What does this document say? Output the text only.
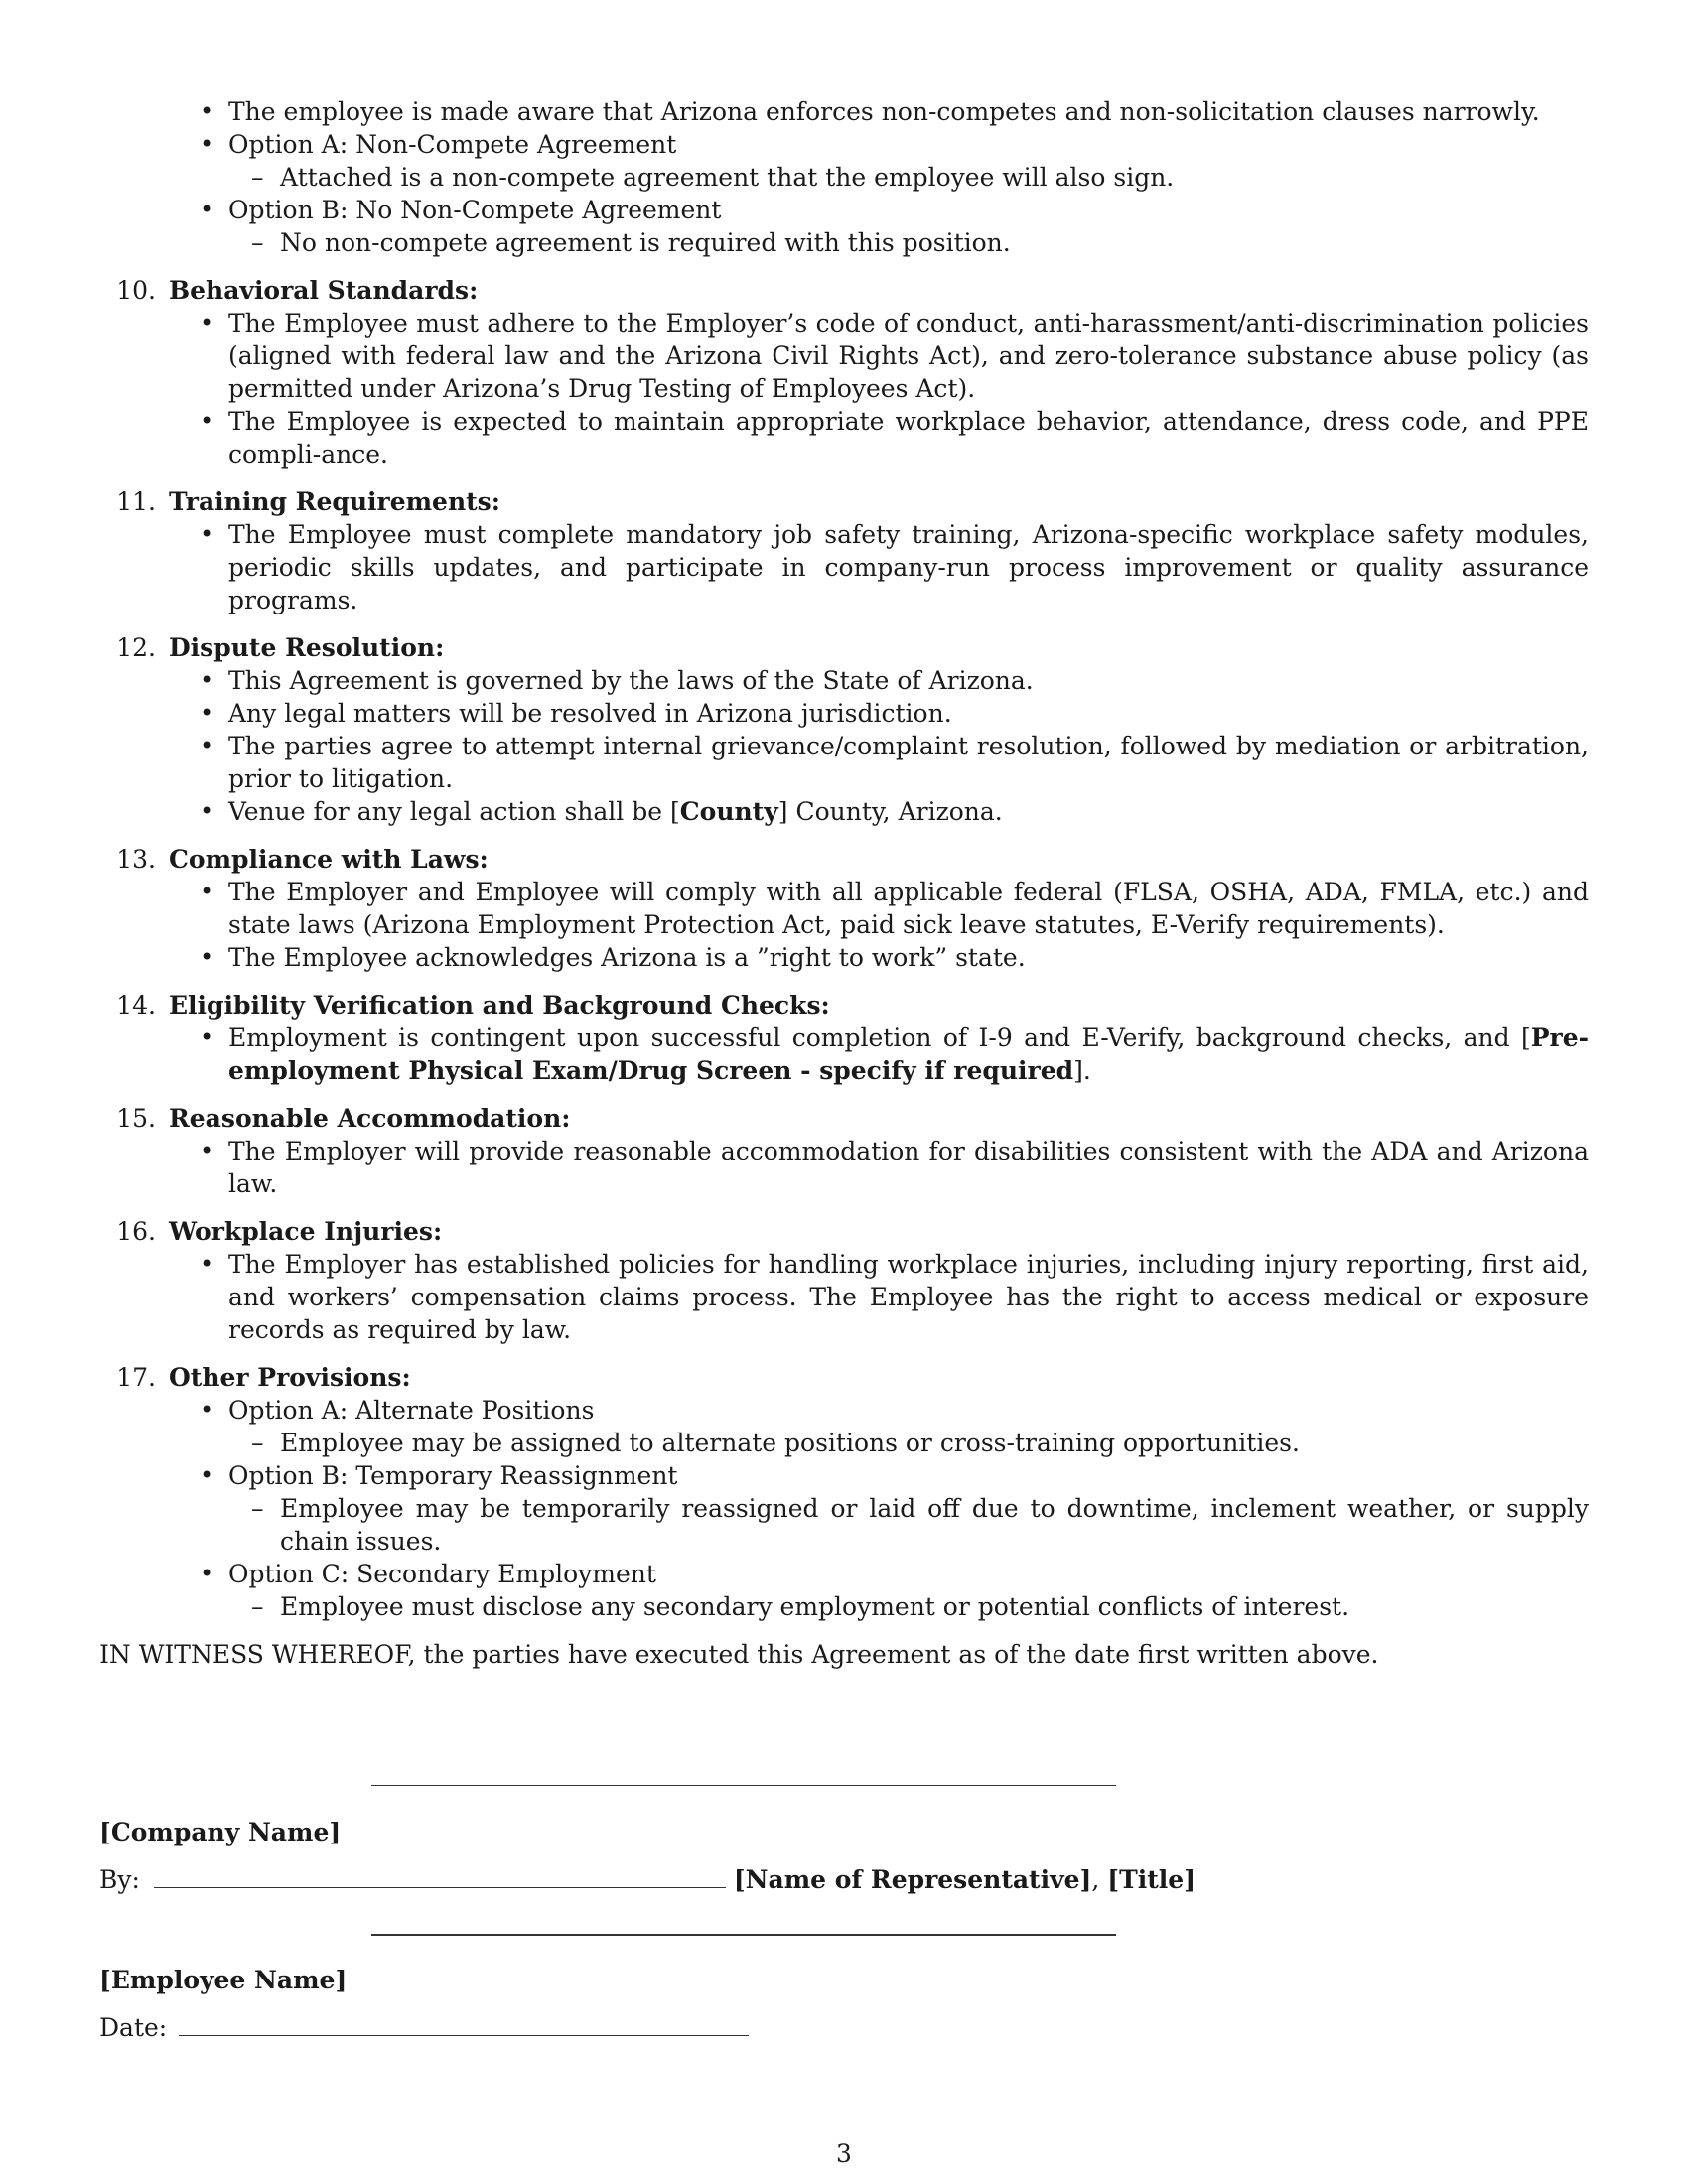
• The employee is made aware that Arizona enforces non-competes and non-solicitation clauses narrowly.
• Option A: Non-Compete Agreement
– Attached is a non-compete agreement that the employee will also sign.
• Option B: No Non-Compete Agreement
– No non-compete agreement is required with this position.
10. Behavioral Standards:
• The Employee must adhere to the Employer’s code of conduct, anti-harassment/anti-discrimination policies (aligned with federal law and the Arizona Civil Rights Act), and zero-tolerance substance abuse policy (as permitted under Arizona’s Drug Testing of Employees Act).
• The Employee is expected to maintain appropriate workplace behavior, attendance, dress code, and PPE compli-ance.
11. Training Requirements:
• The Employee must complete mandatory job safety training, Arizona-specific workplace safety modules, periodic skills updates, and participate in company-run process improvement or quality assurance programs.
12. Dispute Resolution:
• This Agreement is governed by the laws of the State of Arizona.
• Any legal matters will be resolved in Arizona jurisdiction.
• The parties agree to attempt internal grievance/complaint resolution, followed by mediation or arbitration, prior to litigation.
• Venue for any legal action shall be [County] County, Arizona.
13. Compliance with Laws:
• The Employer and Employee will comply with all applicable federal (FLSA, OSHA, ADA, FMLA, etc.) and state laws (Arizona Employment Protection Act, paid sick leave statutes, E-Verify requirements).
• The Employee acknowledges Arizona is a ”right to work” state.
14. Eligibility Verification and Background Checks:
• Employment is contingent upon successful completion of I-9 and E-Verify, background checks, and [Pre-employment Physical Exam/Drug Screen - specify if required].
15. Reasonable Accommodation:
• The Employer will provide reasonable accommodation for disabilities consistent with the ADA and Arizona law.
16. Workplace Injuries:
• The Employer has established policies for handling workplace injuries, including injury reporting, first aid, and workers’ compensation claims process. The Employee has the right to access medical or exposure records as required by law.
17. Other Provisions:
• Option A: Alternate Positions
– Employee may be assigned to alternate positions or cross-training opportunities.
• Option B: Temporary Reassignment
– Employee may be temporarily reassigned or laid off due to downtime, inclement weather, or supply chain issues.
• Option C: Secondary Employment
– Employee must disclose any secondary employment or potential conflicts of interest.
IN WITNESS WHEREOF, the parties have executed this Agreement as of the date first written above.
[Company Name]
By:	[Name of Representative], [Title]
[Employee Name]
Date:
3
